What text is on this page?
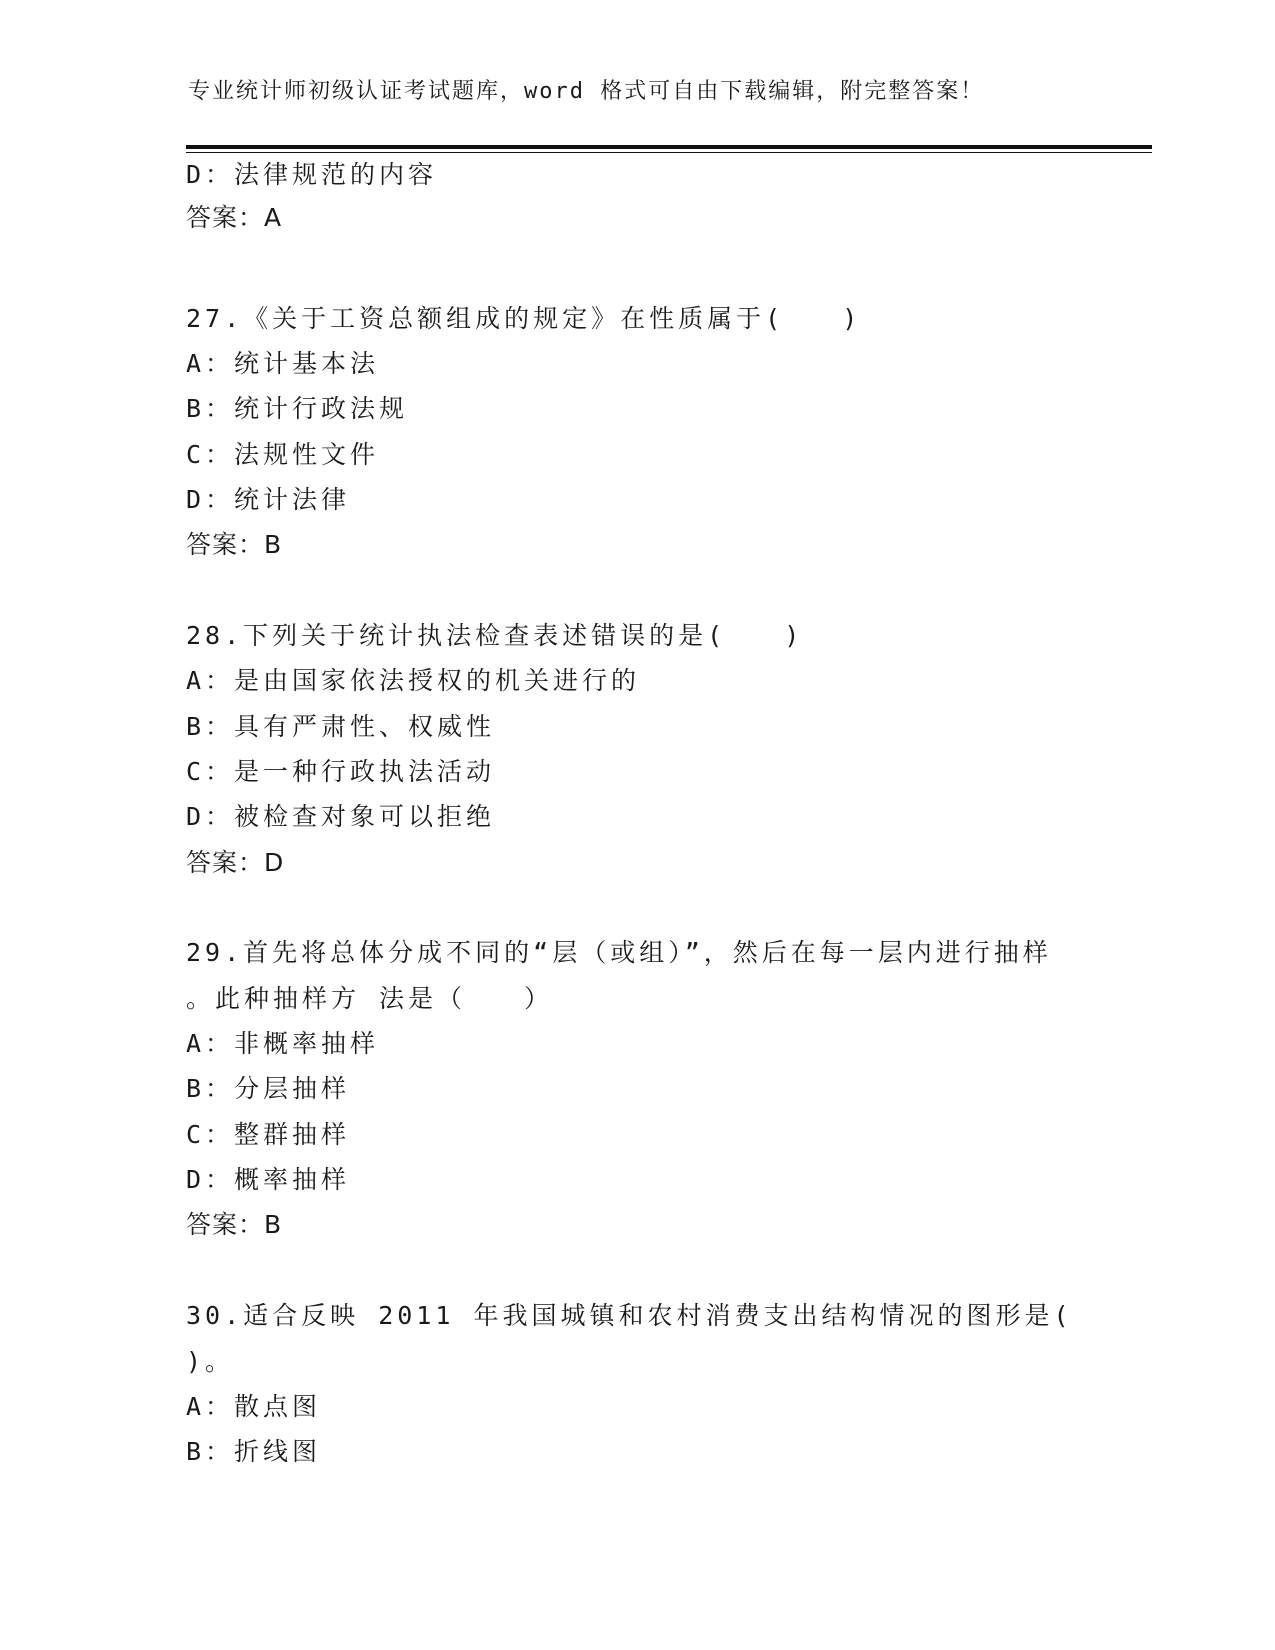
专业统计师初级认证考试题库，word 格式可自由下载编辑，附完整答案！
D：法律规范的内容
答案：A
27.《关于工资总额组成的规定》在性质属于(　　)
A：统计基本法
B：统计行政法规
C：法规性文件
D：统计法律
答案：B
28.下列关于统计执法检查表述错误的是(　　)
A：是由国家依法授权的机关进行的
B：具有严肃性、权威性
C：是一种行政执法活动
D：被检查对象可以拒绝
答案：D
29.首先将总体分成不同的“层（或组）”，然后在每一层内进行抽样
。此种抽样方 法是（　　）
A：非概率抽样
B：分层抽样
C：整群抽样
D：概率抽样
答案：B
30.适合反映 2011 年我国城镇和农村消费支出结构情况的图形是(
)。
A：散点图
B：折线图
